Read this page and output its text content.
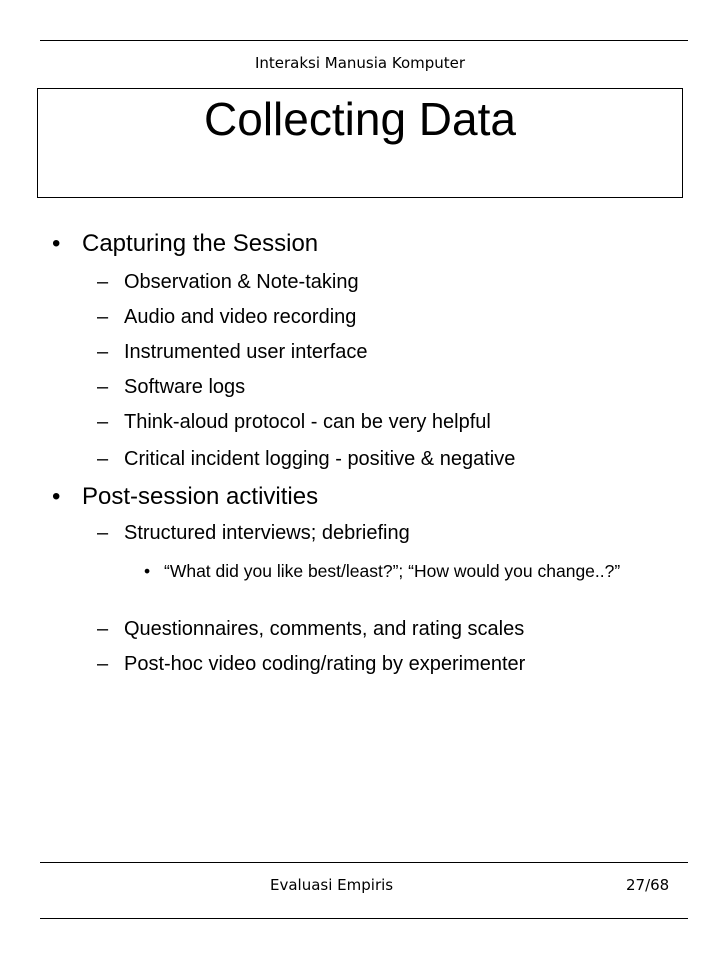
Interaksi Manusia Komputer
Collecting Data
• Capturing the Session
– Observation & Note-taking
– Audio and video recording
– Instrumented user interface
– Software logs
– Think-aloud protocol - can be very helpful
– Critical incident logging - positive & negative
• Post-session activities
– Structured interviews; debriefing
• “What did you like best/least?”; “How would you change..?”
– Questionnaires, comments, and rating scales
– Post-hoc video coding/rating by experimenter
Evaluasi Empiris	27/68
